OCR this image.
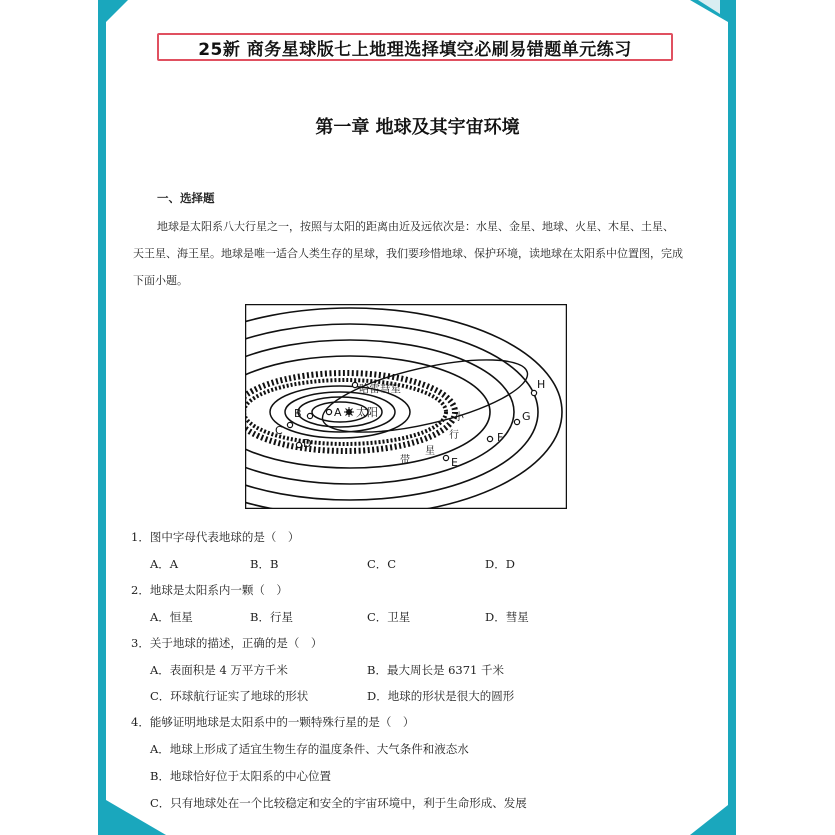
25新 商务星球版七上地理选择填空必刷易错题单元练习
第一章 地球及其宇宙环境
一、选择题
地球是太阳系八大行星之一，按照与太阳的距离由近及远依次是：水星、金星、地球、火星、木星、土星、天王星、海王星。地球是唯一适合人类生存的星球，我们要珍惜地球、保护环境，读地球在太阳系中位置图，完成下面小题。
太阳
哈雷彗星
小
行
星
带
A
B
C
D
E
F
G
H
1．图中字母代表地球的是（　）
A．A	B．B	C．C	D．D
2．地球是太阳系内一颗（　）
A．恒星	B．行星	C．卫星	D．彗星
3．关于地球的描述，正确的是（　）
A．表面积是 4 万平方千米	B．最大周长是 6371 千米
C．环球航行证实了地球的形状	D．地球的形状是很大的圆形
4．能够证明地球是太阳系中的一颗特殊行星的是（　）
A．地球上形成了适宜生物生存的温度条件、大气条件和液态水
B．地球恰好位于太阳系的中心位置
C．只有地球处在一个比较稳定和安全的宇宙环境中，利于生命形成、发展
